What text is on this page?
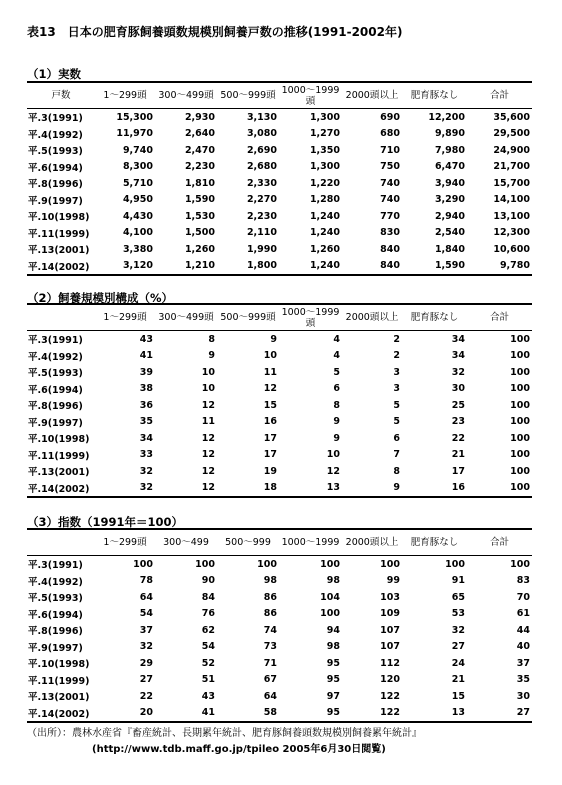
表13　日本の肥育豚飼養頭数規模別飼養戸数の推移(1991-2002年)
（1）実数
戸数	1～299頭	300～499頭	500～999頭	1000～1999頭	2000頭以上	肥育豚なし	合計
平.3(1991)	15,300	2,930	3,130	1,300	690	12,200	35,600
平.4(1992)	11,970	2,640	3,080	1,270	680	9,890	29,500
平.5(1993)	9,740	2,470	2,690	1,350	710	7,980	24,900
平.6(1994)	8,300	2,230	2,680	1,300	750	6,470	21,700
平.8(1996)	5,710	1,810	2,330	1,220	740	3,940	15,700
平.9(1997)	4,950	1,590	2,270	1,280	740	3,290	14,100
平.10(1998)	4,430	1,530	2,230	1,240	770	2,940	13,100
平.11(1999)	4,100	1,500	2,110	1,240	830	2,540	12,300
平.13(2001)	3,380	1,260	1,990	1,260	840	1,840	10,600
平.14(2002)	3,120	1,210	1,800	1,240	840	1,590	9,780
（2）飼養規模別構成（%）
	1～299頭	300～499頭	500～999頭	1000～1999頭	2000頭以上	肥育豚なし	合計
平.3(1991)	43	8	9	4	2	34	100
平.4(1992)	41	9	10	4	2	34	100
平.5(1993)	39	10	11	5	3	32	100
平.6(1994)	38	10	12	6	3	30	100
平.8(1996)	36	12	15	8	5	25	100
平.9(1997)	35	11	16	9	5	23	100
平.10(1998)	34	12	17	9	6	22	100
平.11(1999)	33	12	17	10	7	21	100
平.13(2001)	32	12	19	12	8	17	100
平.14(2002)	32	12	18	13	9	16	100
（3）指数（1991年＝100）
	1～299頭	300～499	500～999	1000～1999	2000頭以上	肥育豚なし	合計
平.3(1991)	100	100	100	100	100	100	100
平.4(1992)	78	90	98	98	99	91	83
平.5(1993)	64	84	86	104	103	65	70
平.6(1994)	54	76	86	100	109	53	61
平.8(1996)	37	62	74	94	107	32	44
平.9(1997)	32	54	73	98	107	27	40
平.10(1998)	29	52	71	95	112	24	37
平.11(1999)	27	51	67	95	120	21	35
平.13(2001)	22	43	64	97	122	15	30
平.14(2002)	20	41	58	95	122	13	27
（出所）：農林水産省『畜産統計、長期累年統計、肥育豚飼養頭数規模別飼養累年統計』
(http://www.tdb.maff.go.jp/tpileo 2005年6月30日閲覧)
